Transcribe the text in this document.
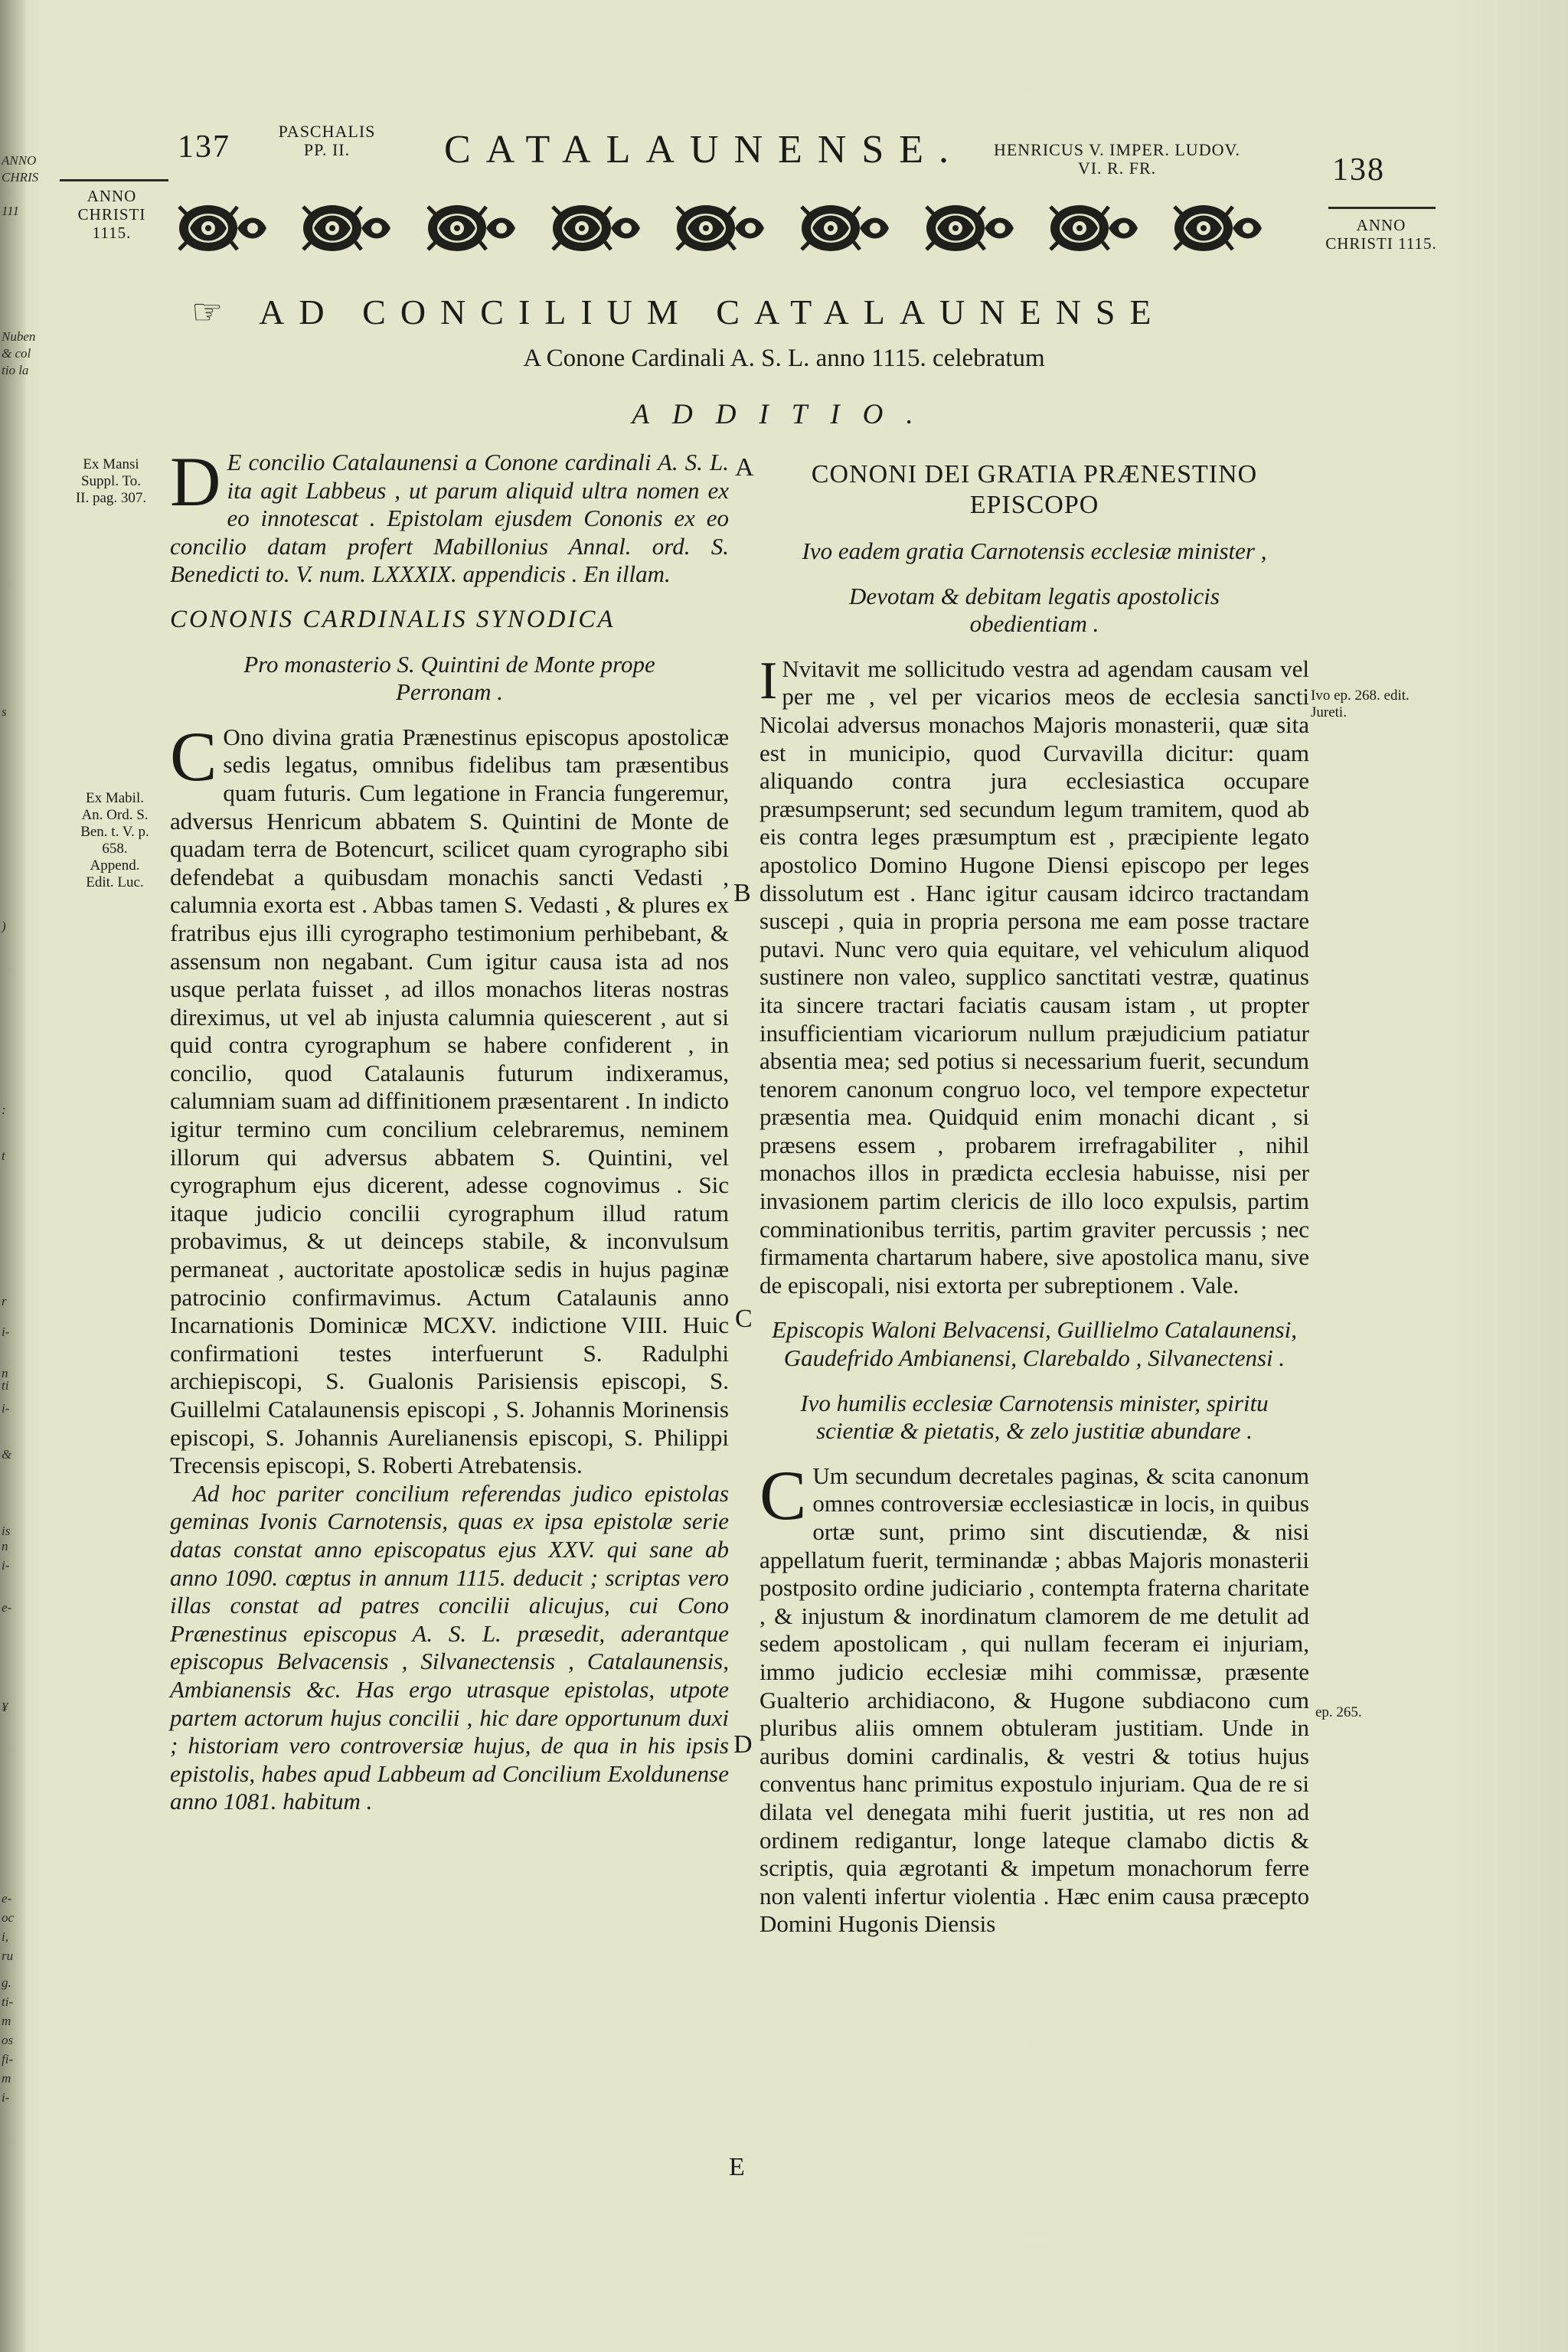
ANNO
CHRIS
111
Nuben
& col
tio la
s
)
:
t
r
i-
n
ti
i-
&
is
n
i-
e-
¥
e-
oc
i,
ru
g.
ti-
m
os
fi-
m
i-
137	PASCHALIS PP. II.	CATALAUNENSE. HENRICUS V. IMPER. LUDOV. VI. R. FR.	138
ANNO CHRISTI 1115.	ANNO CHRISTI 1115.
☞ AD CONCILIUM CATALAUNENSE
A Conone Cardinali A. S. L. anno 1115. celebratum
ADDITIO.
Ex Mansi Suppl. To. II. pag. 307.
Ex Mabil. An. Ord. S. Ben. t. V. p. 658. Append. Edit. Luc.

D E concilio Catalaunensi a Conone cardinali A. S. L. ita agit Labbeus , ut parum aliquid ultra nomen ex eo innotescat . Epistolam ejusdem Cononis ex eo concilio datam profert Mabillonius Annal. ord. S. Benedicti to. V. num. LXXXIX. appendicis . En illam.

CONONIS CARDINALIS SYNODICA

Pro monasterio S. Quintini de Monte prope Perronam .

C Ono divina gratia Prænestinus episcopus apostolicæ sedis legatus, omnibus fidelibus tam præsentibus quam futuris. Cum legatione in Francia fungeremur, adversus Henricum abbatem S. Quintini de Monte de quadam terra de Botencurt, scilicet quam cyrographo sibi defendebat a quibusdam monachis sancti Vedasti , calumnia exorta est . Abbas tamen S. Vedasti , & plures ex fratribus ejus illi cyrographo testimonium perhibebant, & assensum non negabant. Cum igitur causa ista ad nos usque perlata fuisset , ad illos monachos literas nostras direximus, ut vel ab injusta calumnia quiescerent , aut si quid contra cyrographum se habere confiderent , in concilio, quod Catalaunis futurum indixeramus, calumniam suam ad diffinitionem præsentarent . In indicto igitur termino cum concilium celebraremus, neminem illorum qui adversus abbatem S. Quintini, vel cyrographum ejus dicerent, adesse cognovimus . Sic itaque judicio concilii cyrographum illud ratum probavimus, & ut deinceps stabile, & inconvulsum permaneat , auctoritate apostolicæ sedis in hujus paginæ patrocinio confirmavimus. Actum Catalaunis anno Incarnationis Dominicæ MCXV. indictione VIII. Huic confirmationi testes interfuerunt S. Radulphi archiepiscopi, S. Gualonis Parisiensis episcopi, S. Guillelmi Catalaunensis episcopi , S. Johannis Morinensis episcopi, S. Johannis Aurelianensis episcopi, S. Philippi Trecensis episcopi, S. Roberti Atrebatensis.

Ad hoc pariter concilium referendas judico epistolas geminas Ivonis Carnotensis, quas ex ipsa epistolæ serie datas constat anno episcopatus ejus XXV. qui sane ab anno 1090. cœptus in annum 1115. deducit ; scriptas vero illas constat ad patres concilii alicujus, cui Cono Prænestinus episcopus A. S. L. præsedit, aderantque episcopus Belvacensis , Silvanectensis , Catalaunensis, Ambianensis &c. Has ergo utrasque epistolas, utpote partem actorum hujus concilii , hic dare opportunum duxi ; historiam vero controversiæ hujus, de qua in his ipsis epistolis, habes apud Labbeum ad Concilium Exoldunense anno 1081. habitum .

A
B
C
D
E
Ivo ep. 268. edit. Jureti.
ep. 265.

CONONI DEI GRATIA PRÆNESTINO EPISCOPO

Ivo eadem gratia Carnotensis ecclesiæ minister ,

Devotam & debitam legatis apostolicis obedientiam .

I Nvitavit me sollicitudo vestra ad agendam causam vel per me , vel per vicarios meos de ecclesia sancti Nicolai adversus monachos Majoris monasterii, quæ sita est in municipio, quod Curvavilla dicitur: quam aliquando contra jura ecclesiastica occupare præsumpserunt; sed secundum legum tramitem, quod ab eis contra leges præsumptum est , præcipiente legato apostolico Domino Hugone Diensi episcopo per leges dissolutum est . Hanc igitur causam idcirco tractandam suscepi , quia in propria persona me eam posse tractare putavi. Nunc vero quia equitare, vel vehiculum aliquod sustinere non valeo, supplico sanctitati vestræ, quatinus ita sincere tractari faciatis causam istam , ut propter insufficientiam vicariorum nullum præjudicium patiatur absentia mea; sed potius si necessarium fuerit, secundum tenorem canonum congruo loco, vel tempore expectetur præsentia mea. Quidquid enim monachi dicant , si præsens essem , probarem irrefragabiliter , nihil monachos illos in prædicta ecclesia habuisse, nisi per invasionem partim clericis de illo loco expulsis, partim comminationibus territis, partim graviter percussis ; nec firmamenta chartarum habere, sive apostolica manu, sive de episcopali, nisi extorta per subreptionem . Vale.

Episcopis Waloni Belvacensi, Guillielmo Catalaunensi, Gaudefrido Ambianensi, Clarebaldo , Silvanectensi .

Ivo humilis ecclesiæ Carnotensis minister, spiritu scientiæ & pietatis, & zelo justitiæ abundare .

C Um secundum decretales paginas, & scita canonum omnes controversiæ ecclesiasticæ in locis, in quibus ortæ sunt, primo sint discutiendæ, & nisi appellatum fuerit, terminandæ ; abbas Majoris monasterii postposito ordine judiciario , contempta fraterna charitate , & injustum & inordinatum clamorem de me detulit ad sedem apostolicam , qui nullam feceram ei injuriam, immo judicio ecclesiæ mihi commissæ, præsente Gualterio archidiacono, & Hugone subdiacono cum pluribus aliis omnem obtuleram justitiam. Unde in auribus domini cardinalis, & vestri & totius hujus conventus hanc primitus expostulo injuriam. Qua de re si dilata vel denegata mihi fuerit justitia, ut res non ad ordinem redigantur, longe lateque clamabo dictis & scriptis, quia ægrotanti & impetum monachorum ferre non valenti infertur violentia . Hæc enim causa præcepto Domini Hugonis Diensis
